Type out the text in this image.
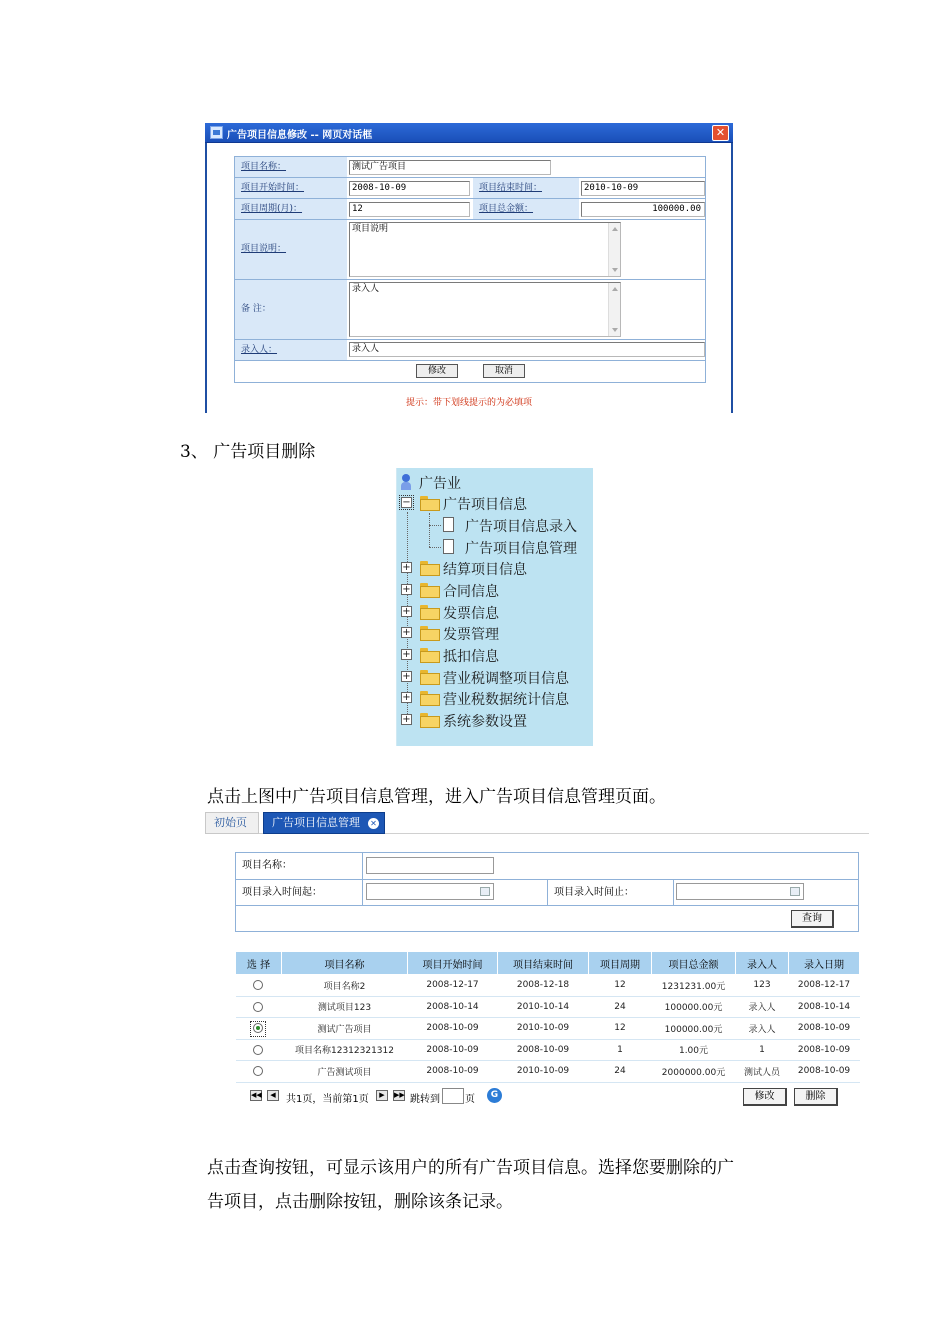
广告项目信息修改 -- 网页对话框	✕
项目名称：	测试广告项目
项目开始时间：	2008-10-09	项目结束时间：	2010-10-09
项目周期(月)：	12	项目总金额：	100000.00
项目说明：
项目说明
备 注：
录入人
录入人：	录入人
修改	取消
提示：带下划线提示的为必填项
3、 广告项目删除
广告业
− 广告项目信息
广告项目信息录入
广告项目信息管理
+ 结算项目信息
+ 合同信息
+ 发票信息
+ 发票管理
+ 抵扣信息
+ 营业税调整项目信息
+ 营业税数据统计信息
+ 系统参数设置
点击上图中广告项目信息管理，进入广告项目信息管理页面。
初始页	广告项目信息管理 ✕
项目名称：
项目录入时间起：	项目录入时间止：
查询
选 择	项目名称	项目开始时间	项目结束时间	项目周期	项目总金额	录入人	录入日期
	项目名称2	2008-12-17	2008-12-18	12	1231231.00元	123	2008-12-17
	测试项目123	2008-10-14	2010-10-14	24	100000.00元	录入人	2008-10-14
	测试广告项目	2008-10-09	2010-10-09	12	100000.00元	录入人	2008-10-09
	项目名称12312321312	2008-10-09	2008-10-09	1	1.00元	1	2008-10-09
	广告测试项目	2008-10-09	2010-10-09	24	2000000.00元	测试人员	2008-10-09
◀◀	◀	共1页，当前第1页	▶	▶▶ 跳转到	页	G	修改	删除
点击查询按钮，可显示该用户的所有广告项目信息。选择您要删除的广
告项目，点击删除按钮，删除该条记录。
